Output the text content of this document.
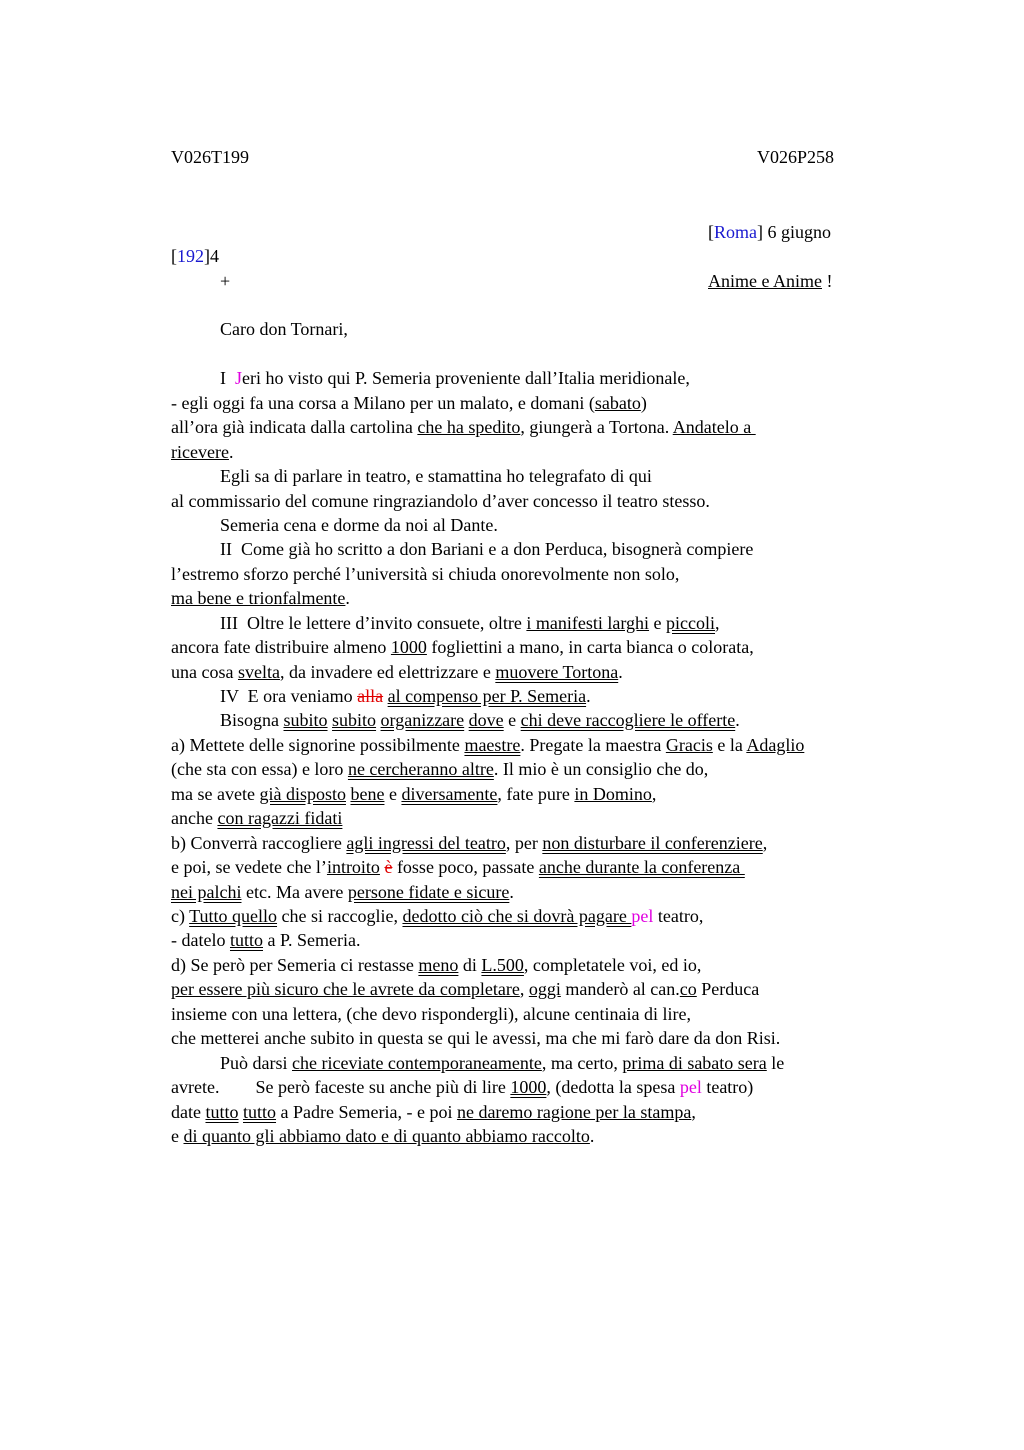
V026T199	V026P258
[Roma] 6 giugno
[192]4
+	Anime e Anime !
Caro don Tornari,
I  Jeri ho visto qui P. Semeria proveniente dall’Italia meridionale,
- egli oggi fa una corsa a Milano per un malato, e domani (sabato)
all’ora già indicata dalla cartolina che ha spedito, giungerà a Tortona. Andatelo a
ricevere.
Egli sa di parlare in teatro, e stamattina ho telegrafato di qui
al commissario del comune ringraziandolo d’aver concesso il teatro stesso.
Semeria cena e dorme da noi al Dante.
II  Come già ho scritto a don Bariani e a don Perduca, bisognerà compiere
l’estremo sforzo perché l’università si chiuda onorevolmente non solo,
ma bene e trionfalmente.
III  Oltre le lettere d’invito consuete, oltre i manifesti larghi e piccoli,
ancora fate distribuire almeno 1000 fogliettini a mano, in carta bianca o colorata,
una cosa svelta, da invadere ed elettrizzare e muovere Tortona.
IV  E ora veniamo alla al compenso per P. Semeria.
Bisogna subito subito organizzare dove e chi deve raccogliere le offerte.
a) Mettete delle signorine possibilmente maestre. Pregate la maestra Gracis e la Adaglio
(che sta con essa) e loro ne cercheranno altre. Il mio è un consiglio che do,
ma se avete già disposto bene e diversamente, fate pure in Domino,
anche con ragazzi fidati
b) Converrà raccogliere agli ingressi del teatro, per non disturbare il conferenziere,
e poi, se vedete che l’introito è fosse poco, passate anche durante la conferenza
nei palchi etc. Ma avere persone fidate e sicure.
c) Tutto quello che si raccoglie, dedotto ciò che si dovrà pagare pel teatro,
- datelo tutto a P. Semeria.
d) Se però per Semeria ci restasse meno di L.500, completatele voi, ed io,
per essere più sicuro che le avrete da completare, oggi manderò al can.co Perduca
insieme con una lettera, (che devo rispondergli), alcune centinaia di lire,
che metterei anche subito in questa se qui le avessi, ma che mi farò dare da don Risi.
Può darsi che riceviate contemporaneamente, ma certo, prima di sabato sera le
avrete.        Se però faceste su anche più di lire 1000, (dedotta la spesa pel teatro)
date tutto tutto a Padre Semeria, - e poi ne daremo ragione per la stampa,
e di quanto gli abbiamo dato e di quanto abbiamo raccolto.
